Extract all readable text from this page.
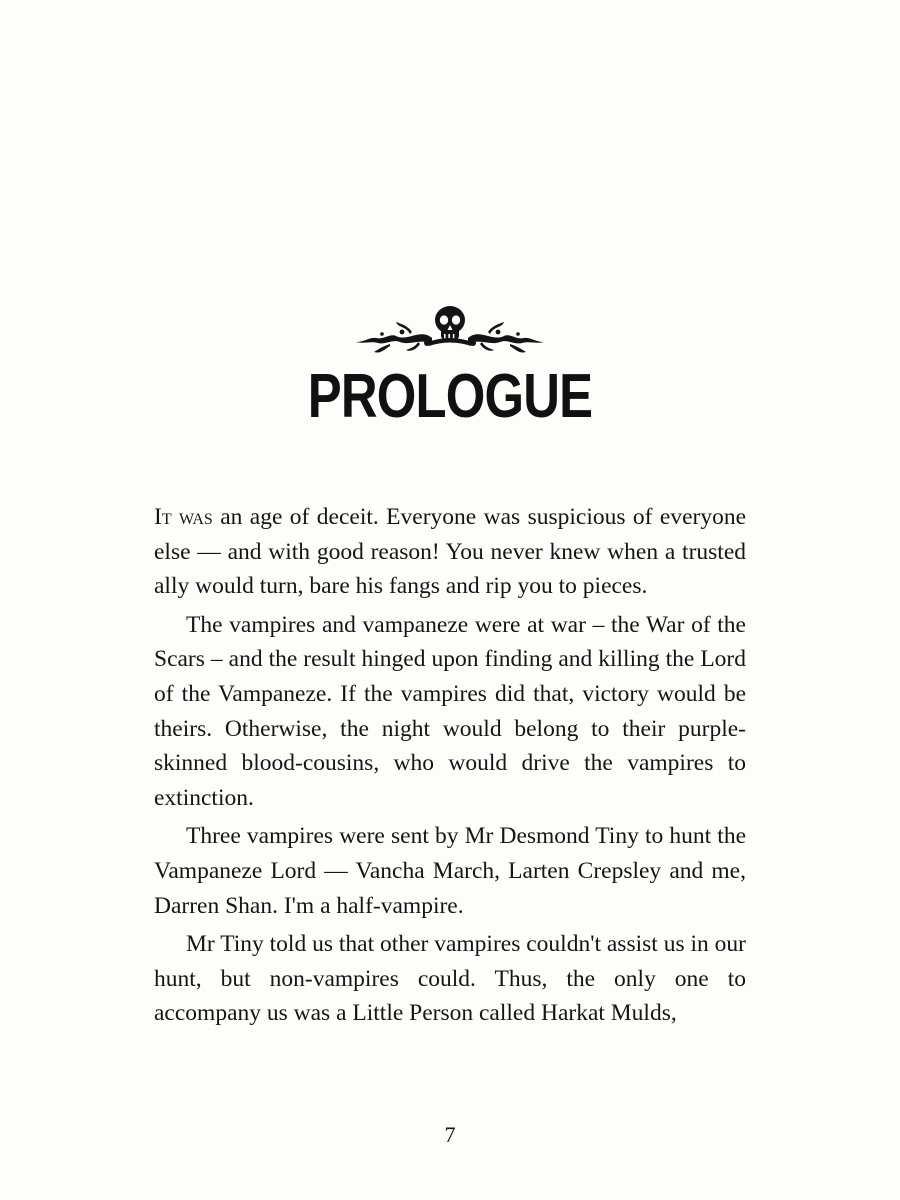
PROLOGUE

It was an age of deceit. Everyone was suspicious of everyone else — and with good reason! You never knew when a trusted ally would turn, bare his fangs and rip you to pieces.

The vampires and vampaneze were at war – the War of the Scars – and the result hinged upon finding and killing the Lord of the Vampaneze. If the vampires did that, victory would be theirs. Otherwise, the night would belong to their purple-skinned blood-cousins, who would drive the vampires to extinction.

Three vampires were sent by Mr Desmond Tiny to hunt the Vampaneze Lord — Vancha March, Larten Crepsley and me, Darren Shan. I'm a half-vampire.

Mr Tiny told us that other vampires couldn't assist us in our hunt, but non-vampires could. Thus, the only one to accompany us was a Little Person called Harkat Mulds,

7
